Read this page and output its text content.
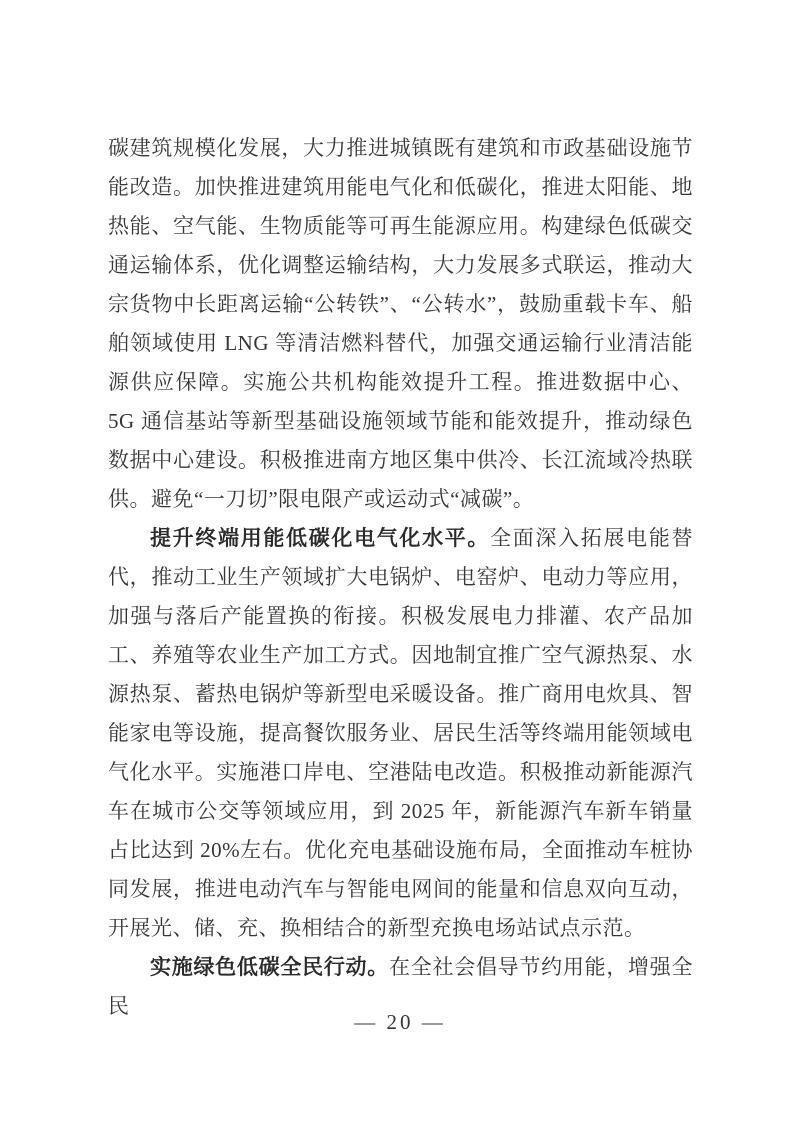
碳建筑规模化发展，大力推进城镇既有建筑和市政基础设施节能改造。加快推进建筑用能电气化和低碳化，推进太阳能、地热能、空气能、生物质能等可再生能源应用。构建绿色低碳交通运输体系，优化调整运输结构，大力发展多式联运，推动大宗货物中长距离运输“公转铁”、“公转水”，鼓励重载卡车、船舶领域使用 LNG 等清洁燃料替代，加强交通运输行业清洁能源供应保障。实施公共机构能效提升工程。推进数据中心、5G 通信基站等新型基础设施领域节能和能效提升，推动绿色数据中心建设。积极推进南方地区集中供冷、长江流域冷热联供。避免“一刀切”限电限产或运动式“减碳”。

提升终端用能低碳化电气化水平。全面深入拓展电能替代，推动工业生产领域扩大电锅炉、电窑炉、电动力等应用，加强与落后产能置换的衔接。积极发展电力排灌、农产品加工、养殖等农业生产加工方式。因地制宜推广空气源热泵、水源热泵、蓄热电锅炉等新型电采暖设备。推广商用电炊具、智能家电等设施，提高餐饮服务业、居民生活等终端用能领域电气化水平。实施港口岸电、空港陆电改造。积极推动新能源汽车在城市公交等领域应用，到 2025 年，新能源汽车新车销量占比达到 20%左右。优化充电基础设施布局，全面推动车桩协同发展，推进电动汽车与智能电网间的能量和信息双向互动，开展光、储、充、换相结合的新型充换电场站试点示范。

实施绿色低碳全民行动。在全社会倡导节约用能，增强全民

— 20 —
